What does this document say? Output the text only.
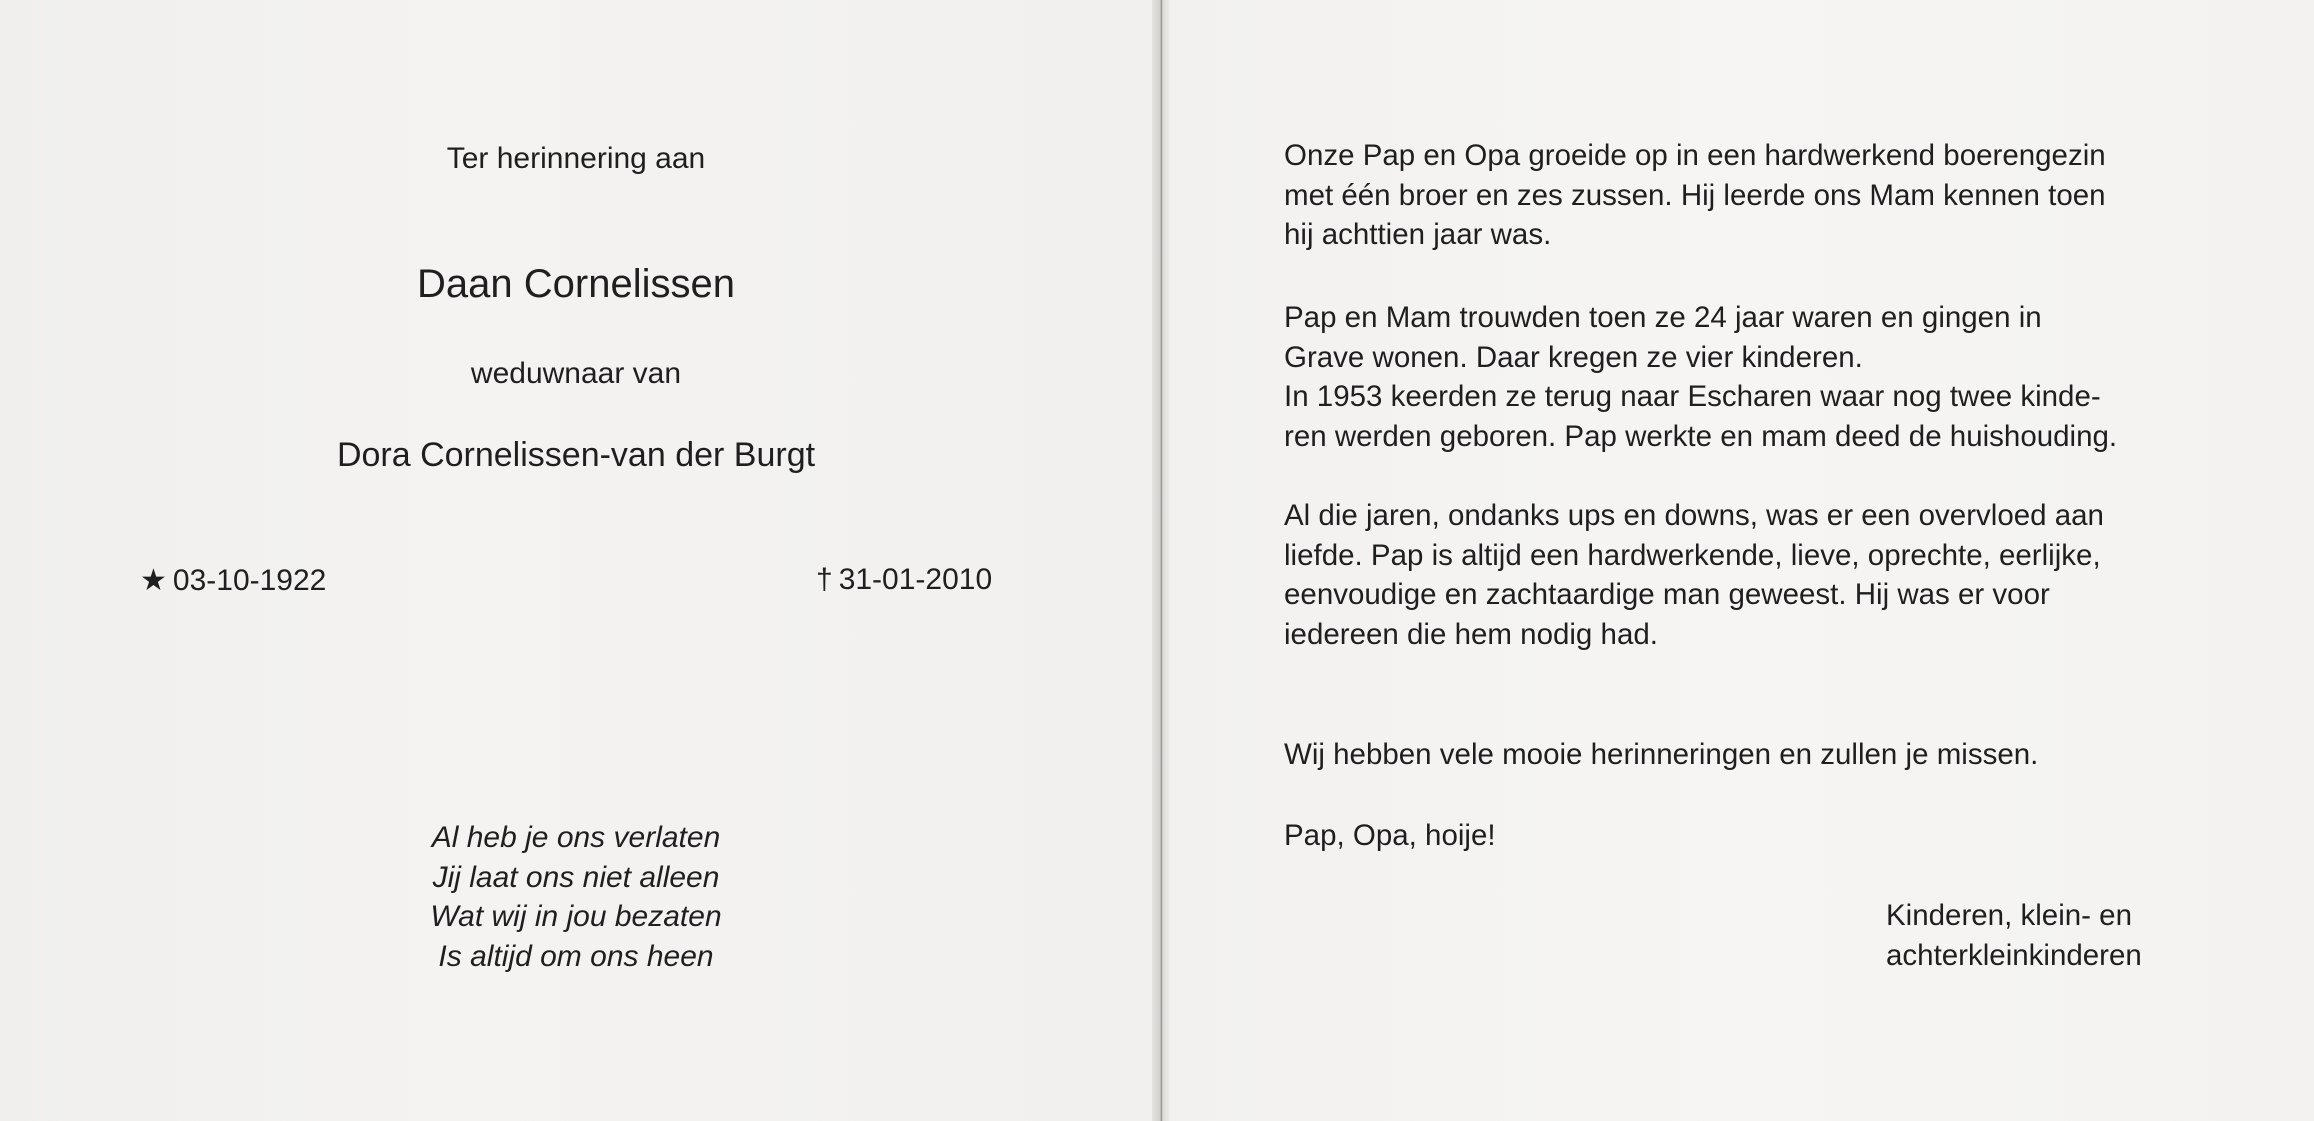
Ter herinnering aan

Daan Cornelissen

weduwnaar van

Dora Cornelissen-van der Burgt

★ 03-10-1922	† 31-01-2010

Al heb je ons verlaten
Jij laat ons niet alleen
Wat wij in jou bezaten
Is altijd om ons heen

Onze Pap en Opa groeide op in een hardwerkend boerengezin
met één broer en zes zussen. Hij leerde ons Mam kennen toen
hij achttien jaar was.

Pap en Mam trouwden toen ze 24 jaar waren en gingen in
Grave wonen. Daar kregen ze vier kinderen.
In 1953 keerden ze terug naar Escharen waar nog twee kinde-
ren werden geboren. Pap werkte en mam deed de huishouding.

Al die jaren, ondanks ups en downs, was er een overvloed aan
liefde. Pap is altijd een hardwerkende, lieve, oprechte, eerlijke,
eenvoudige en zachtaardige man geweest. Hij was er voor
iedereen die hem nodig had.

Wij hebben vele mooie herinneringen en zullen je missen.

Pap, Opa, hoije!

Kinderen, klein- en
achterkleinkinderen
